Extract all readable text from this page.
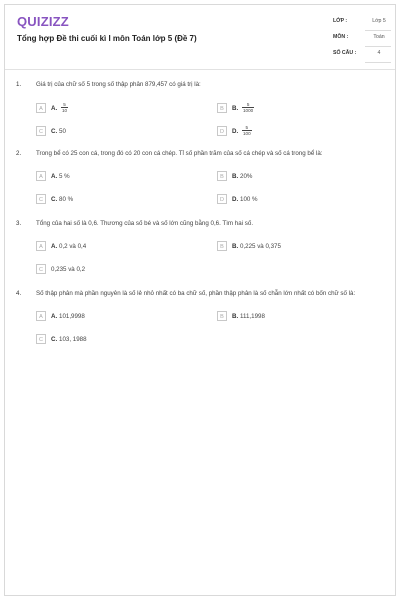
QUIZIZZ
Tổng hợp Đề thi cuối kì I môn Toán lớp 5 (Đề 7)
LỚP :	Lớp 5
MÔN :	Toán
SỐ CÂU :	4
1. Giá trị của chữ số 5 trong số thập phân 879,457 có giá trị là:
A	A. $\frac{5}{10}$	B	B. $\frac{5}{1000}$
C	C. 50	D	D. $\frac{5}{100}$
2. Trong bể có 25 con cá, trong đó có 20 con cá chép. Tỉ số phần trăm của số cá chép và số cá trong bể là:
A	A. 5 %	B	B. 20%
C	C. 80 %	D	D. 100 %
3. Tổng của hai số là 0,6. Thương của số bé và số lớn cũng bằng 0,6. Tìm hai số.
A	A. 0,2 và 0,4	B	B. 0,225 và 0,375
C	0,235 và 0,2
4. Số thập phân mà phần nguyên là số lẻ nhỏ nhất có ba chữ số, phần thập phân là số chẵn lớn nhất có bốn chữ số là:
A	A. 101,9998	B	B. 111,1998
C	C. 103, 1988
